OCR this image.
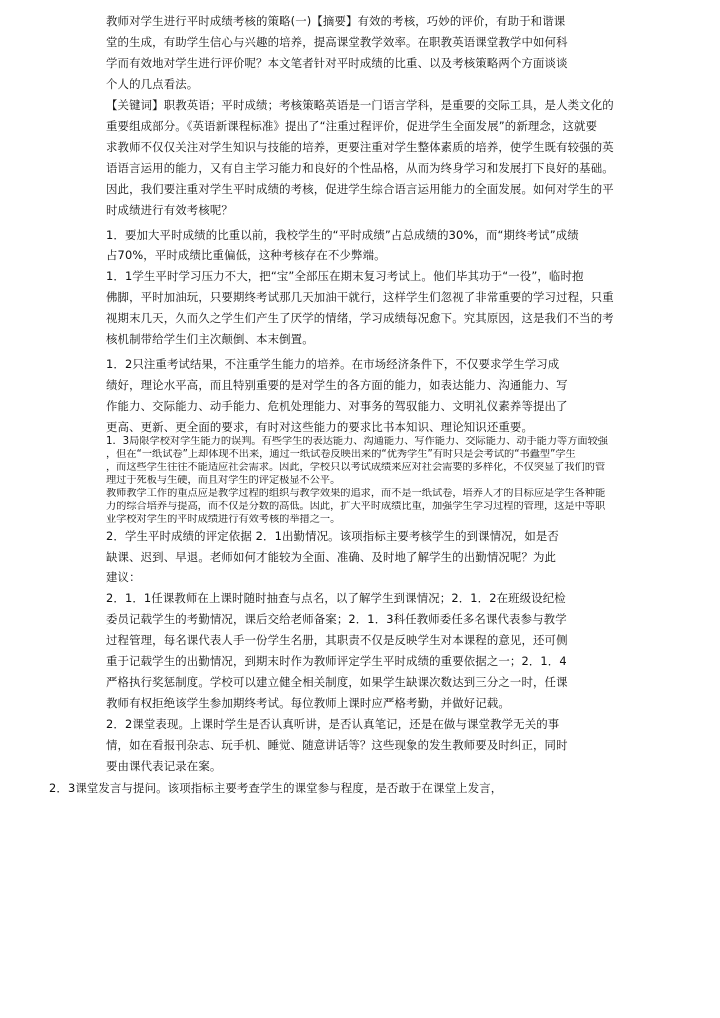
教师对学生进行平时成绩考核的策略(一)【摘要】有效的考核，巧妙的评价，有助于和谐课

堂的生成，有助学生信心与兴趣的培养，提高课堂教学效率。在职教英语课堂教学中如何科

学而有效地对学生进行评价呢？本文笔者针对平时成绩的比重、以及考核策略两个方面谈谈

个人的几点看法。

【关键词】职教英语；平时成绩；考核策略英语是一门语言学科，是重要的交际工具，是人类文化的

重要组成部分。《英语新课程标准》提出了“注重过程评价，促进学生全面发展”的新理念，这就要

求教师不仅仅关注对学生知识与技能的培养，更要注重对学生整体素质的培养，使学生既有较强的英

语语言运用的能力，又有自主学习能力和良好的个性品格，从而为终身学习和发展打下良好的基础。

因此，我们要注重对学生平时成绩的考核，促进学生综合语言运用能力的全面发展。如何对学生的平

时成绩进行有效考核呢？

1．要加大平时成绩的比重以前，我校学生的“平时成绩”占总成绩的30%，而“期终考试”成绩

占70%，平时成绩比重偏低，这种考核存在不少弊端。

1．1学生平时学习压力不大，把“宝”全部压在期末复习考试上。他们毕其功于“一役”，临时抱

佛脚，平时加油玩，只要期终考试那几天加油干就行，这样学生们忽视了非常重要的学习过程，只重

视期末几天，久而久之学生们产生了厌学的情绪，学习成绩每况愈下。究其原因，这是我们不当的考

核机制带给学生们主次颠倒、本末倒置。

1．2只注重考试结果，不注重学生能力的培养。在市场经济条件下，不仅要求学生学习成

绩好，理论水平高，而且特别重要的是对学生的各方面的能力，如表达能力、沟通能力、写

作能力、交际能力、动手能力、危机处理能力、对事务的驾驭能力、文明礼仪素养等提出了

更高、更新、更全面的要求，有时对这些能力的要求比书本知识、理论知识还重要。

1．3局限学校对学生能力的误判。有些学生的表达能力、沟通能力、写作能力、交际能力、动手能力等方面较强

，但在“一纸试卷”上却体现不出来，通过一纸试卷反映出来的“优秀学生”有时只是会考试的“书蠹型”学生

，而这些学生往往不能适应社会需求。因此，学校只以考试成绩来应对社会需要的多样化，不仅突显了我们的管

理过于死板与生硬，而且对学生的评定极显不公平。

教师教学工作的重点应是教学过程的组织与教学效果的追求，而不是一纸试卷，培养人才的目标应是学生各种能

力的综合培养与提高，而不仅是分数的高低。因此，扩大平时成绩比重，加强学生学习过程的管理，这是中等职

业学校对学生的平时成绩进行有效考核的举措之一。

2．学生平时成绩的评定依据 2．1出勤情况。该项指标主要考核学生的到课情况，如是否

缺课、迟到、早退。老师如何才能较为全面、准确、及时地了解学生的出勤情况呢？为此

建议：

2．1．1任课教师在上课时随时抽查与点名，以了解学生到课情况；2．1．2在班级设纪检

委员记载学生的考勤情况，课后交给老师备案；2．1．3科任教师委任多名课代表参与教学

过程管理，每名课代表人手一份学生名册，其职责不仅是反映学生对本课程的意见，还可侧

重于记载学生的出勤情况，到期末时作为教师评定学生平时成绩的重要依据之一；2．1．4

严格执行奖惩制度。学校可以建立健全相关制度，如果学生缺课次数达到三分之一时，任课

教师有权拒绝该学生参加期终考试。每位教师上课时应严格考勤，并做好记载。

2．2课堂表现。上课时学生是否认真听讲，是否认真笔记，还是在做与课堂教学无关的事

情，如在看报刊杂志、玩手机、睡觉、随意讲话等？这些现象的发生教师要及时纠正，同时

要由课代表记录在案。

2．3课堂发言与提问。该项指标主要考查学生的课堂参与程度，是否敢于在课堂上发言，
